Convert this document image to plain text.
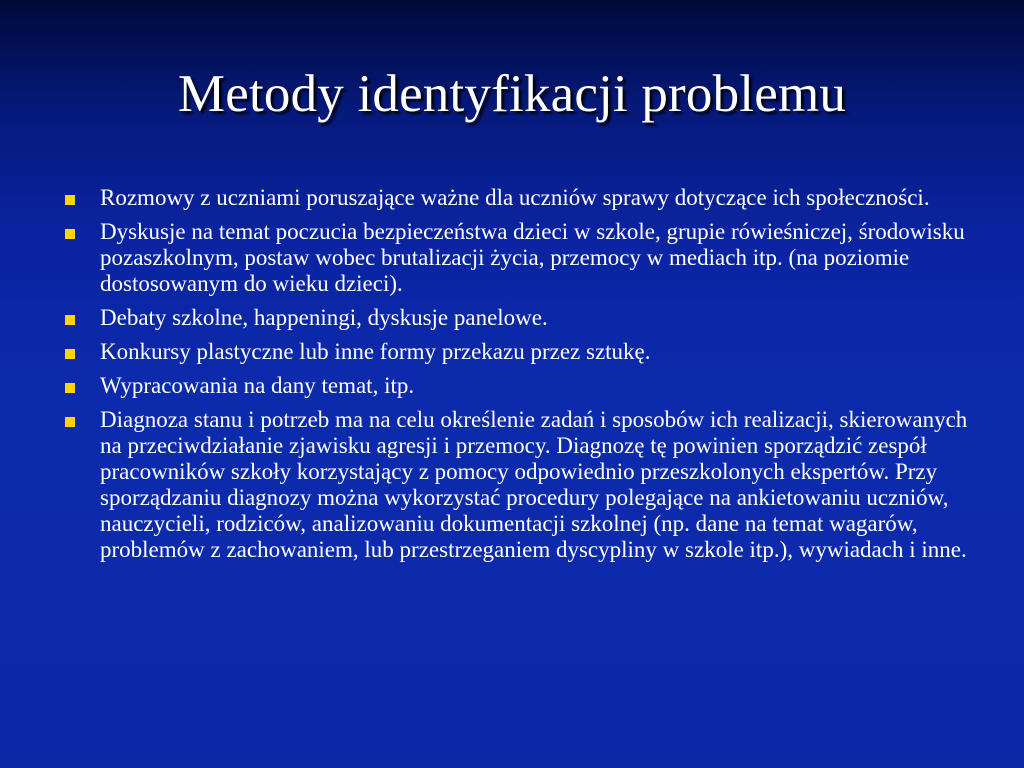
Metody identyfikacji problemu
Rozmowy z uczniami poruszające ważne dla uczniów sprawy dotyczące ich społeczności.
Dyskusje na temat poczucia bezpieczeństwa dzieci w szkole, grupie rówieśniczej, środowisku pozaszkolnym, postaw wobec brutalizacji życia, przemocy w mediach itp. (na poziomie dostosowanym do wieku dzieci).
Debaty szkolne, happeningi, dyskusje panelowe.
Konkursy plastyczne lub inne formy przekazu przez sztukę.
Wypracowania na dany temat, itp.
Diagnoza stanu i potrzeb ma na celu określenie zadań i sposobów ich realizacji, skierowanych na przeciwdziałanie zjawisku agresji i przemocy. Diagnozę tę powinien sporządzić zespół pracowników szkoły korzystający z pomocy odpowiednio przeszkolonych ekspertów. Przy sporządzaniu diagnozy można wykorzystać procedury polegające na ankietowaniu uczniów, nauczycieli, rodziców, analizowaniu dokumentacji szkolnej (np. dane na temat wagarów, problemów z zachowaniem, lub przestrzeganiem dyscypliny w szkole itp.), wywiadach i inne.
